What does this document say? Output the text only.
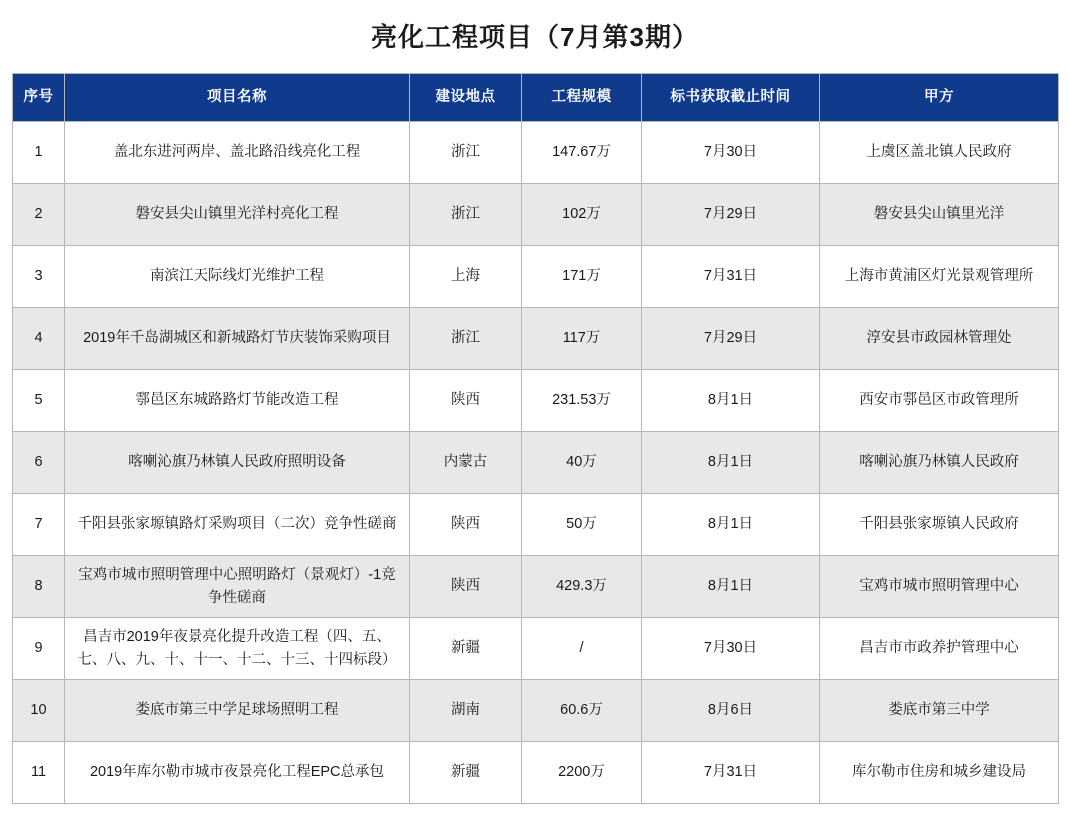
亮化工程项目（7月第3期）
序号	项目名称	建设地点	工程规模	标书获取截止时间	甲方
1	盖北东进河两岸、盖北路沿线亮化工程	浙江	147.67万	7月30日	上虞区盖北镇人民政府
2	磐安县尖山镇里光洋村亮化工程	浙江	102万	7月29日	磐安县尖山镇里光洋
3	南滨江天际线灯光维护工程	上海	171万	7月31日	上海市黄浦区灯光景观管理所
4	2019年千岛湖城区和新城路灯节庆装饰采购项目	浙江	117万	7月29日	淳安县市政园林管理处
5	鄠邑区东城路路灯节能改造工程	陕西	231.53万	8月1日	西安市鄠邑区市政管理所
6	喀喇沁旗乃林镇人民政府照明设备	内蒙古	40万	8月1日	喀喇沁旗乃林镇人民政府
7	千阳县张家塬镇路灯采购项目（二次）竞争性磋商	陕西	50万	8月1日	千阳县张家塬镇人民政府
8	宝鸡市城市照明管理中心照明路灯（景观灯）-1竞争性磋商	陕西	429.3万	8月1日	宝鸡市城市照明管理中心
9	昌吉市2019年夜景亮化提升改造工程（四、五、七、八、九、十、十一、十二、十三、十四标段）	新疆	/	7月30日	昌吉市市政养护管理中心
10	娄底市第三中学足球场照明工程	湖南	60.6万	8月6日	娄底市第三中学
11	2019年库尔勒市城市夜景亮化工程EPC总承包	新疆	2200万	7月31日	库尔勒市住房和城乡建设局
